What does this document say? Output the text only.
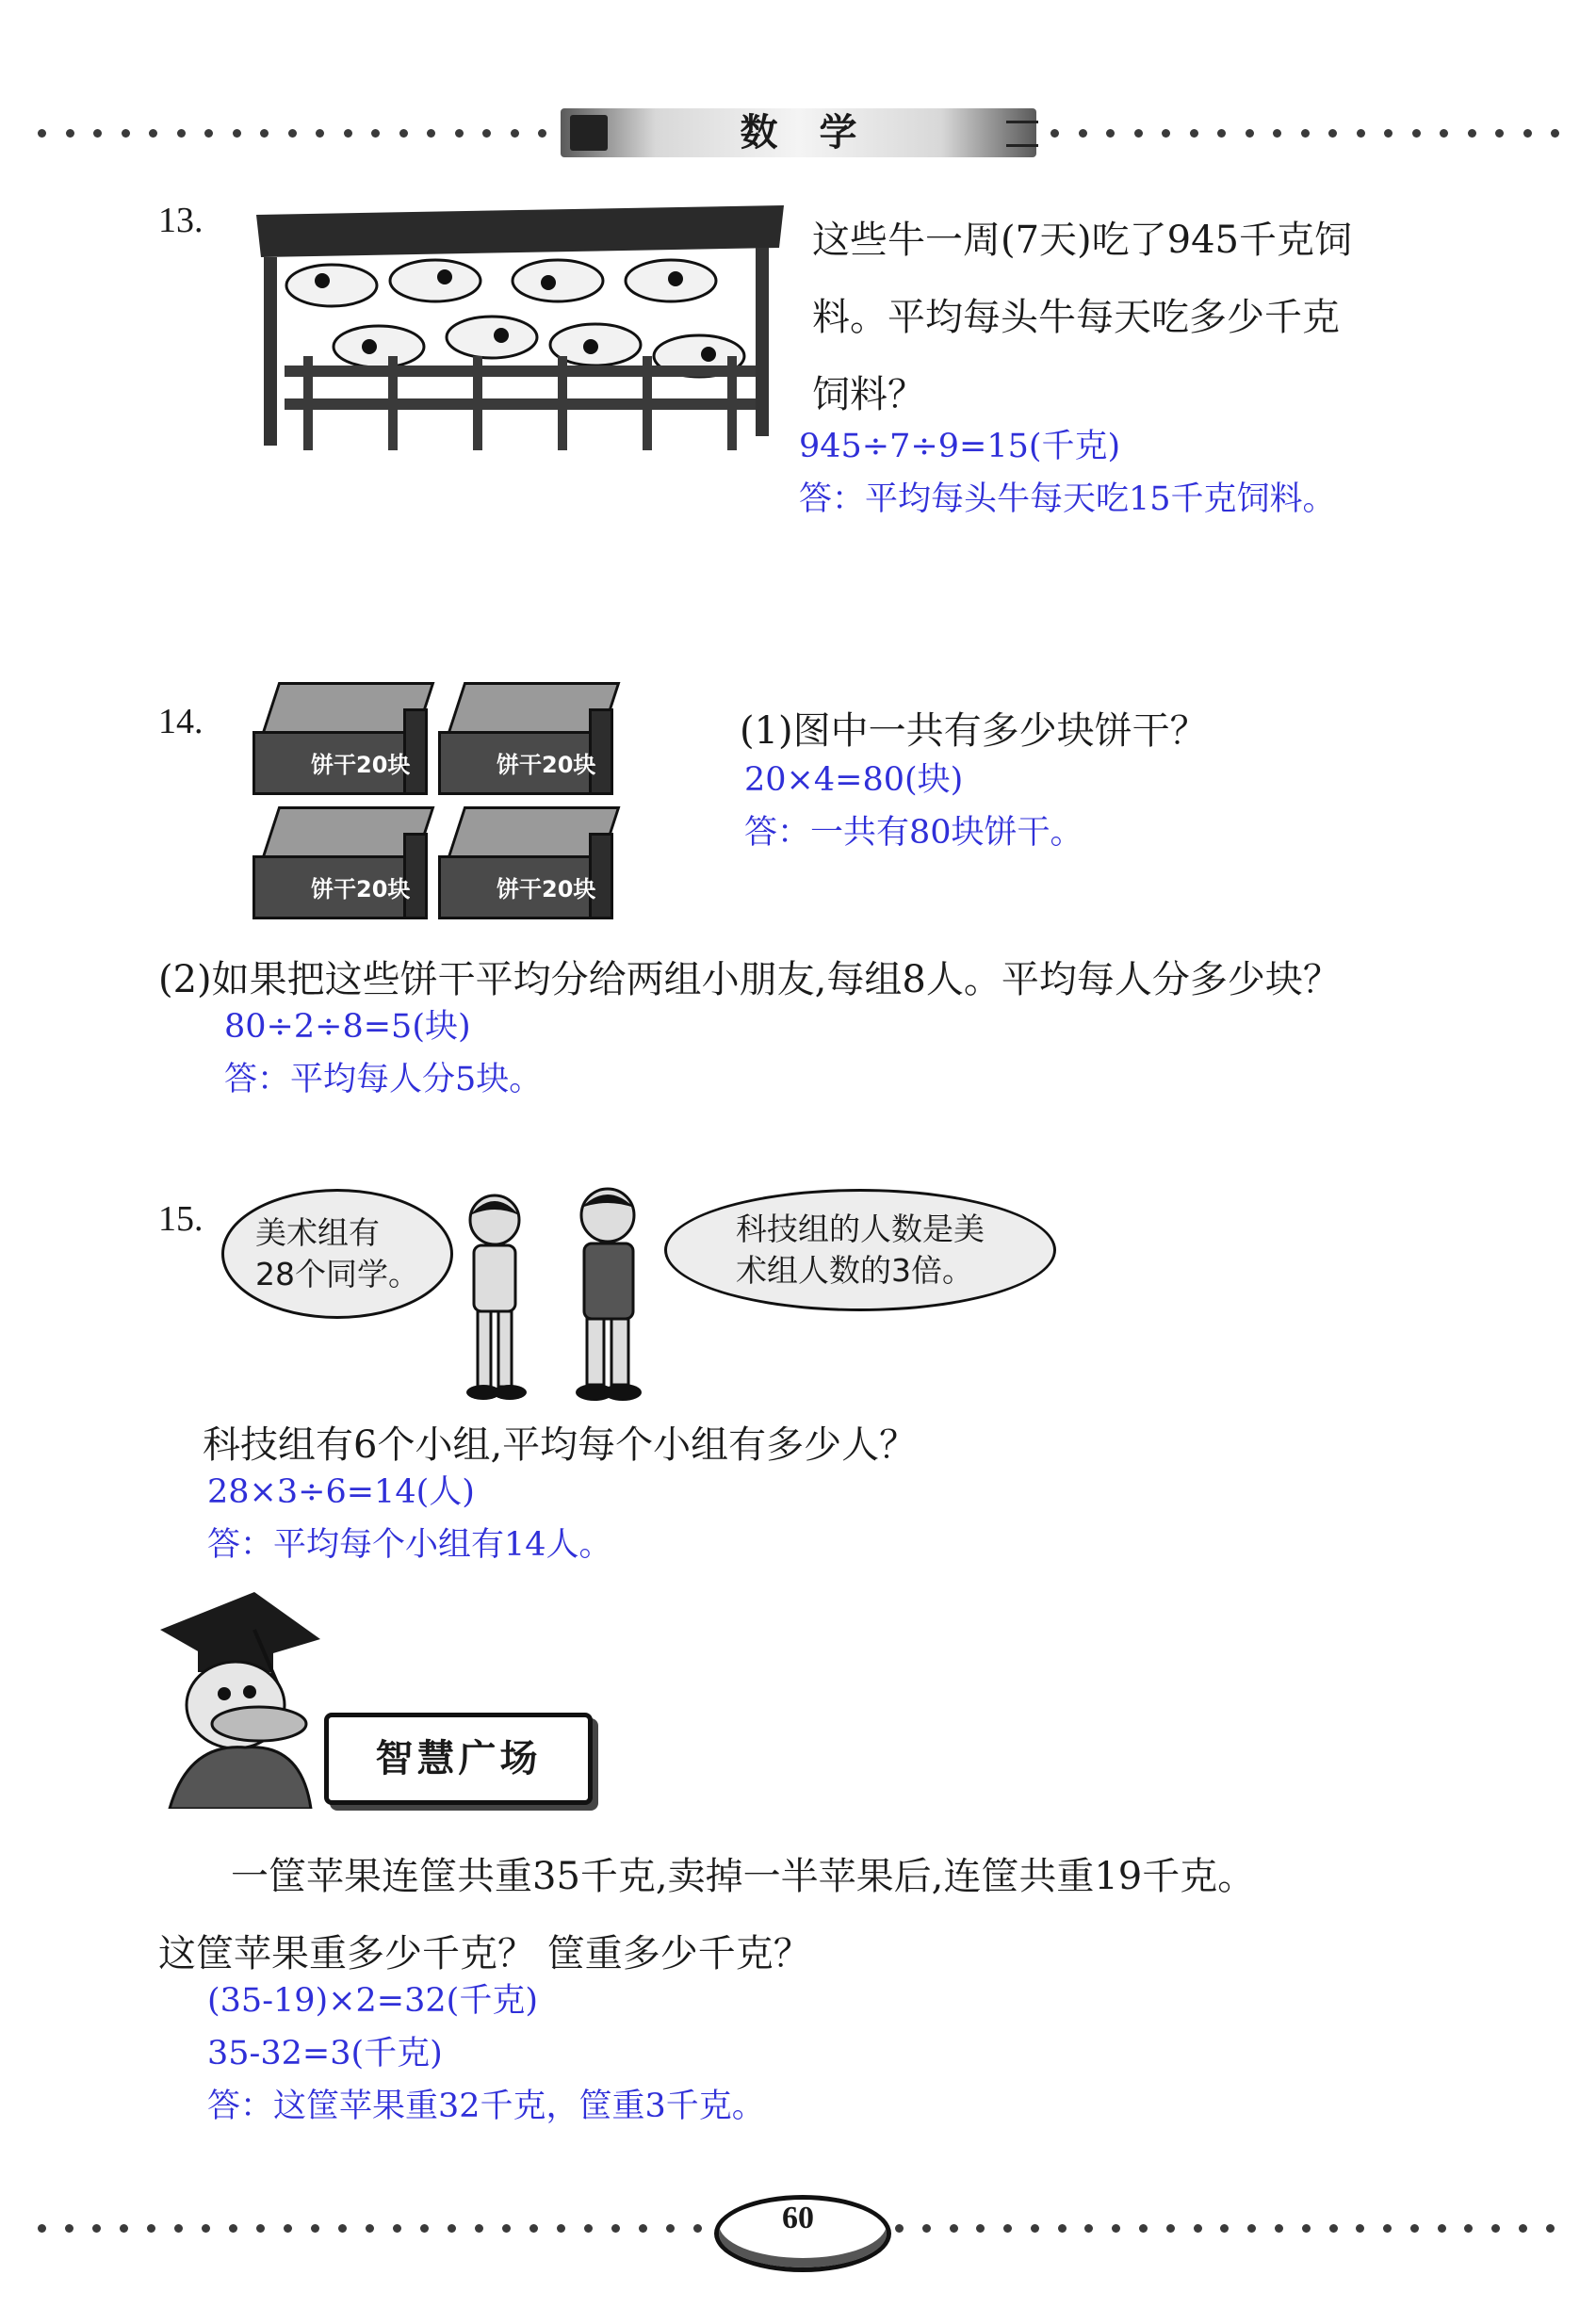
数学
13.	这些牛一周(7天)吃了945千克饲
料。平均每头牛每天吃多少千克
饲料？
945÷7÷9=15(千克)
答：平均每头牛每天吃15千克饲料。
14.
饼干20块	饼干20块
饼干20块	饼干20块
(1)图中一共有多少块饼干？
20×4=80(块)
答：一共有80块饼干。
(2)如果把这些饼干平均分给两组小朋友,每组8人。平均每人分多少块？
80÷2÷8=5(块)
答：平均每人分5块。
15. 美术组有
28个同学。
科技组的人数是美
术组人数的3倍。
科技组有6个小组,平均每个小组有多少人？
28×3÷6=14(人)
答：平均每个小组有14人。
智慧广场
一筐苹果连筐共重35千克,卖掉一半苹果后,连筐共重19千克。
这筐苹果重多少千克？ 筐重多少千克？
(35-19)×2=32(千克)
35-32=3(千克)
答：这筐苹果重32千克，筐重3千克。
60
